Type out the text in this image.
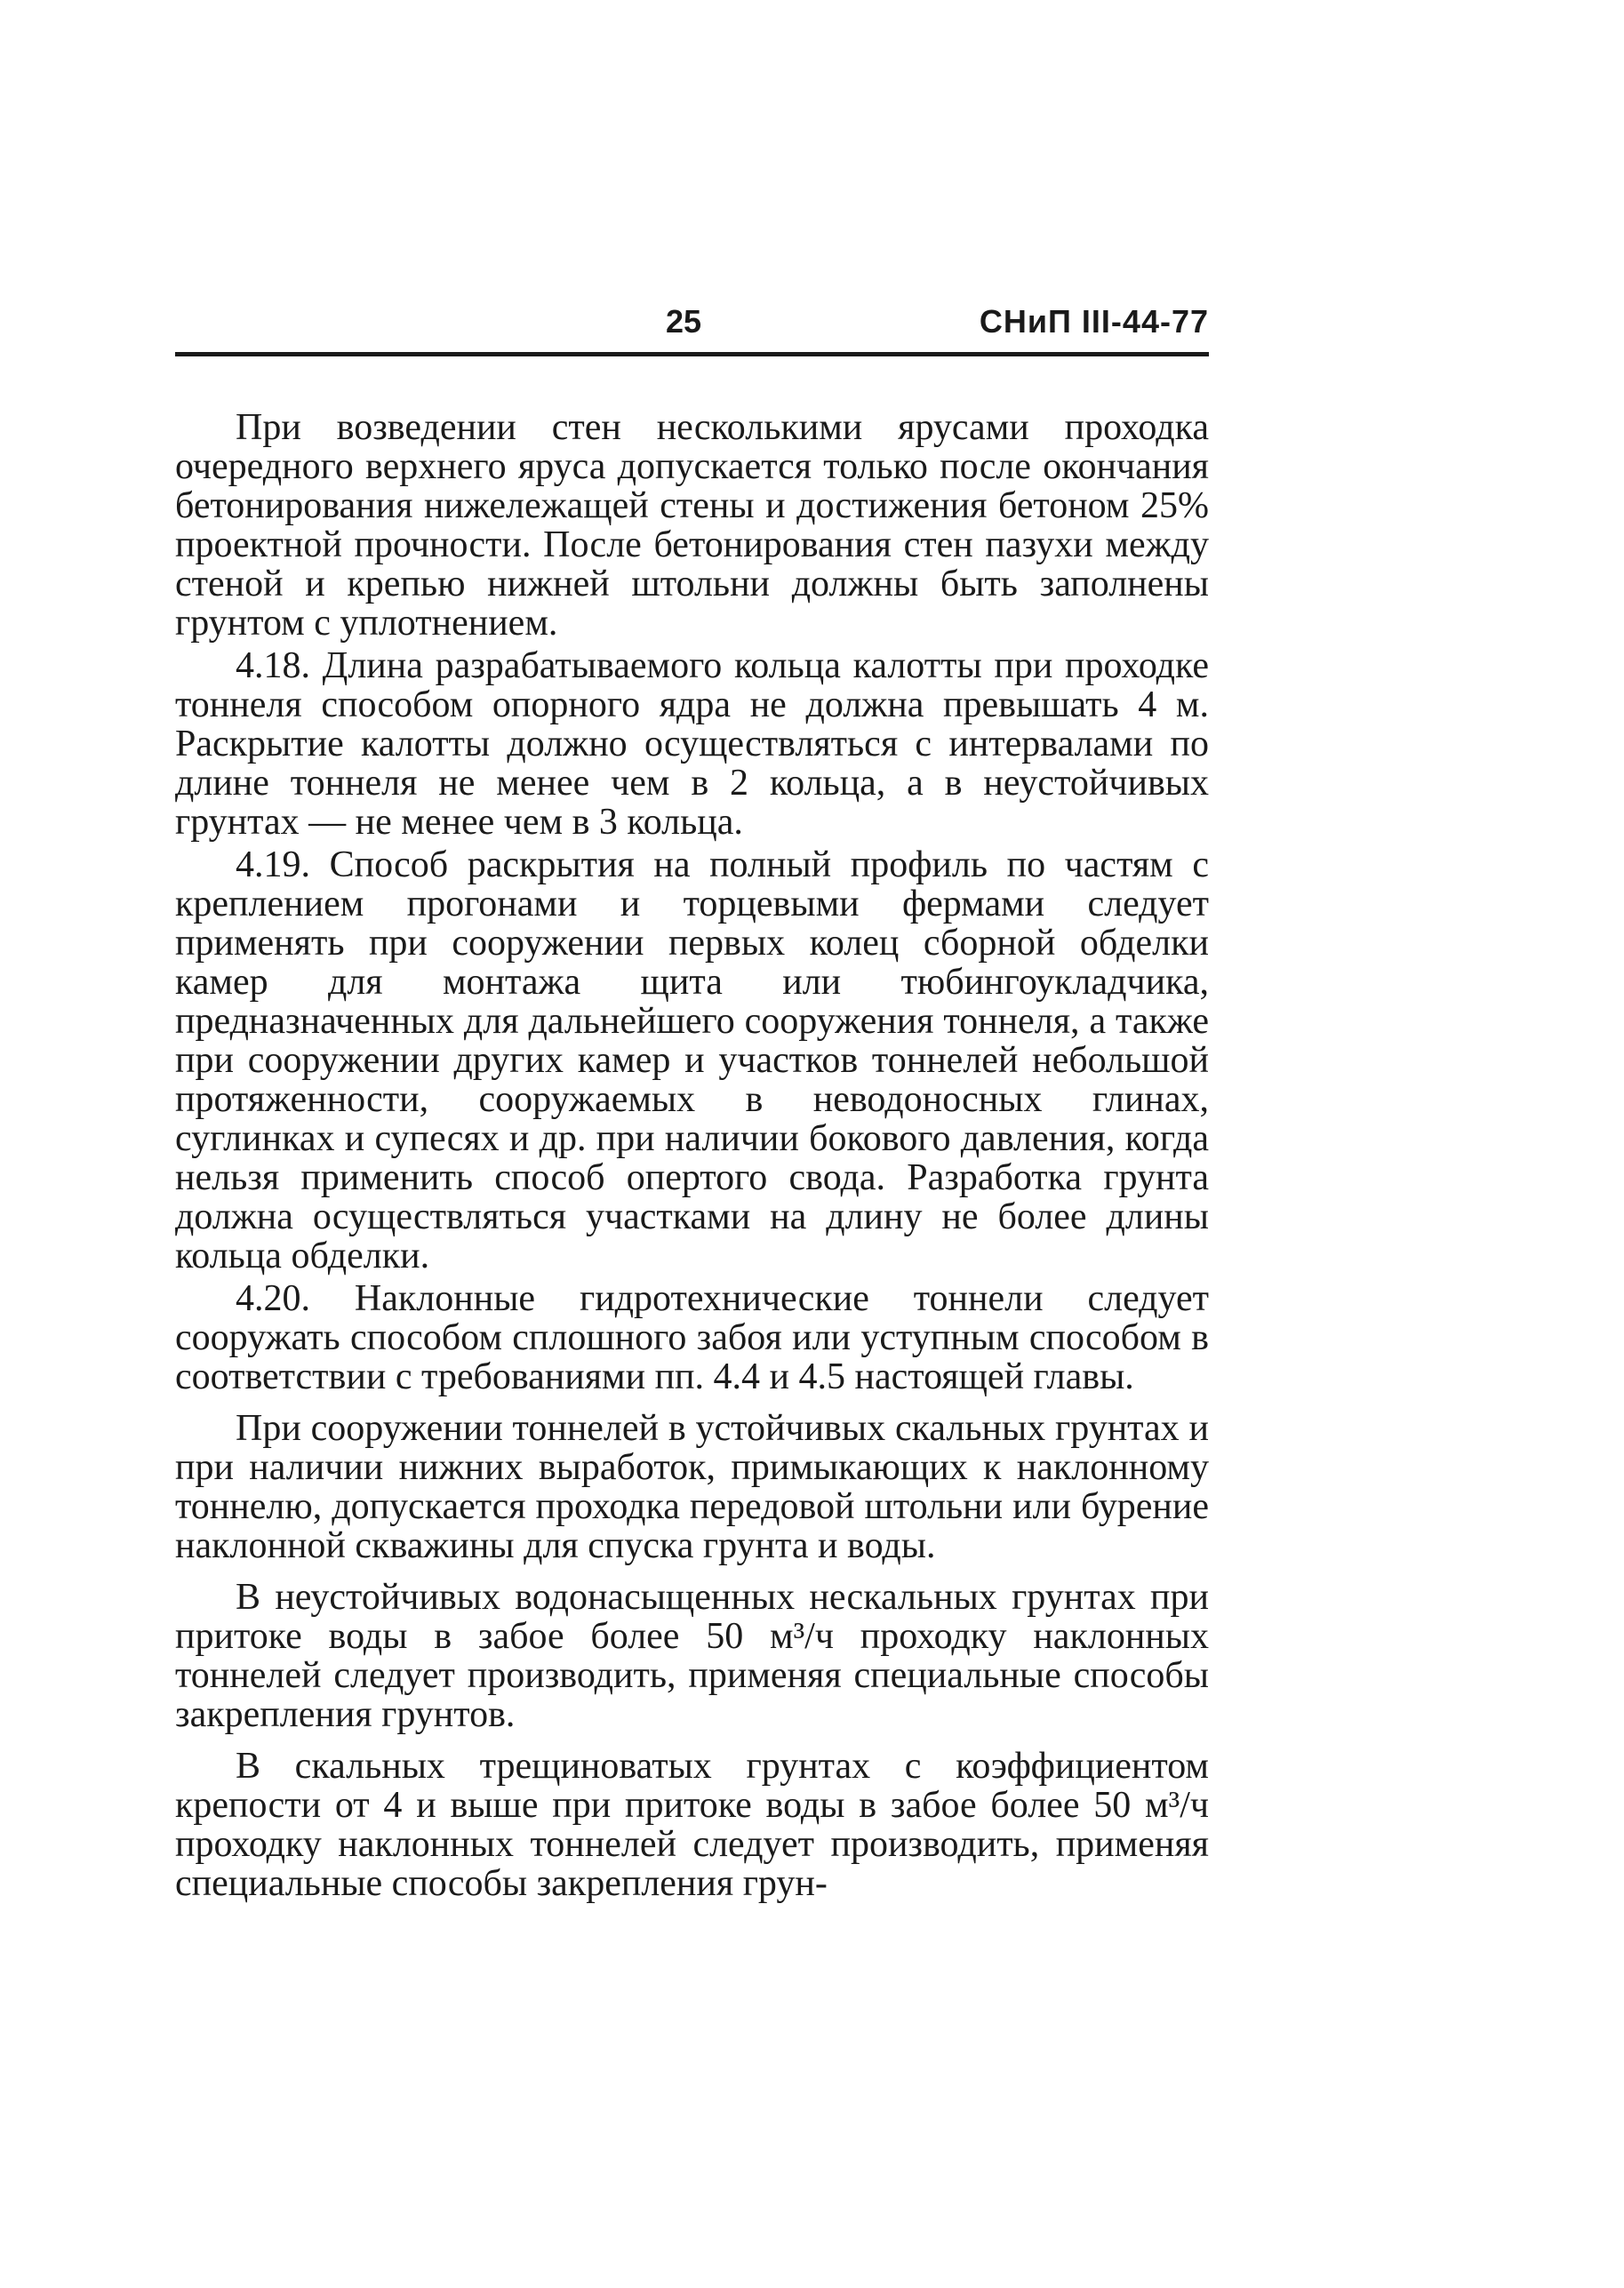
25	СНиП III-44-77

При возведении стен несколькими ярусами проходка очередного верхнего яруса допускается только после окончания бетонирования нижележащей стены и достижения бетоном 25% проектной прочности. После бетонирования стен пазухи между стеной и крепью нижней штольни должны быть заполнены грунтом с уплотнением.

4.18. Длина разрабатываемого кольца калотты при проходке тоннеля способом опорного ядра не должна превышать 4 м. Раскрытие калотты должно осуществляться с интервалами по длине тоннеля не менее чем в 2 кольца, а в неустойчивых грунтах — не менее чем в 3 кольца.

4.19. Способ раскрытия на полный профиль по частям с креплением прогонами и торцевыми фермами следует применять при сооружении первых колец сборной обделки камер для монтажа щита или тюбингоукладчика, предназначенных для дальнейшего сооружения тоннеля, а также при сооружении других камер и участков тоннелей небольшой протяженности, сооружаемых в неводоносных глинах, суглинках и супесях и др. при наличии бокового давления, когда нельзя применить способ опертого свода. Разработка грунта должна осуществляться участками на длину не более длины кольца обделки.

4.20. Наклонные гидротехнические тоннели следует сооружать способом сплошного забоя или уступным способом в соответствии с требованиями пп. 4.4 и 4.5 настоящей главы.

При сооружении тоннелей в устойчивых скальных грунтах и при наличии нижних выработок, примыкающих к наклонному тоннелю, допускается проходка передовой штольни или бурение наклонной скважины для спуска грунта и воды.

В неустойчивых водонасыщенных нескальных грунтах при притоке воды в забое более 50 м³/ч проходку наклонных тоннелей следует производить, применяя специальные способы закрепления грунтов.

В скальных трещиноватых грунтах с коэффициентом крепости от 4 и выше при притоке воды в забое более 50 м³/ч проходку наклонных тоннелей следует производить, применяя специальные способы закрепления грун-
